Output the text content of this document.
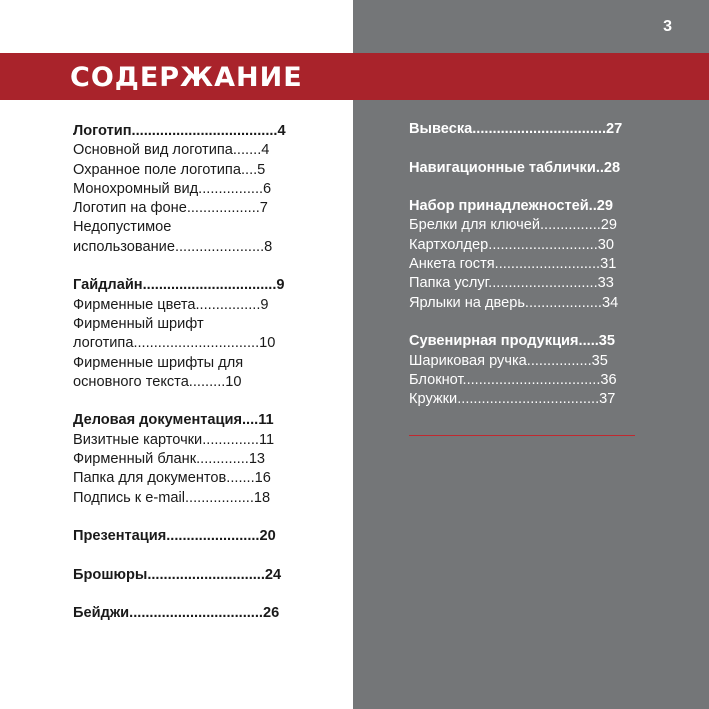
3
СОДЕРЖАНИЕ
Логотип....................................4
Основной вид логотипа.......4
Охранное поле логотипа....5
Монохромный вид................6
Логотип на фоне..................7
Недопустимое использование......................8
Гайдлайн.................................9
Фирменные цвета................9
Фирменный шрифт логотипа...............................10
Фирменные шрифты для основного текста.........10
Деловая документация....11
Визитные карточки..............11
Фирменный бланк.............13
Папка для документов.......16
Подпись к e-mail.................18
Презентация.......................20
Брошюры.............................24
Бейджи.................................26
Вывеска.................................27
Навигационные таблички..28
Набор принадлежностей..29
Брелки для ключей...............29
Картхолдер...........................30
Анкета гостя..........................31
Папка услуг...........................33
Ярлыки на дверь...................34
Сувенирная продукция.....35
Шариковая ручка................35
Блокнот..................................36
Кружки...................................37
